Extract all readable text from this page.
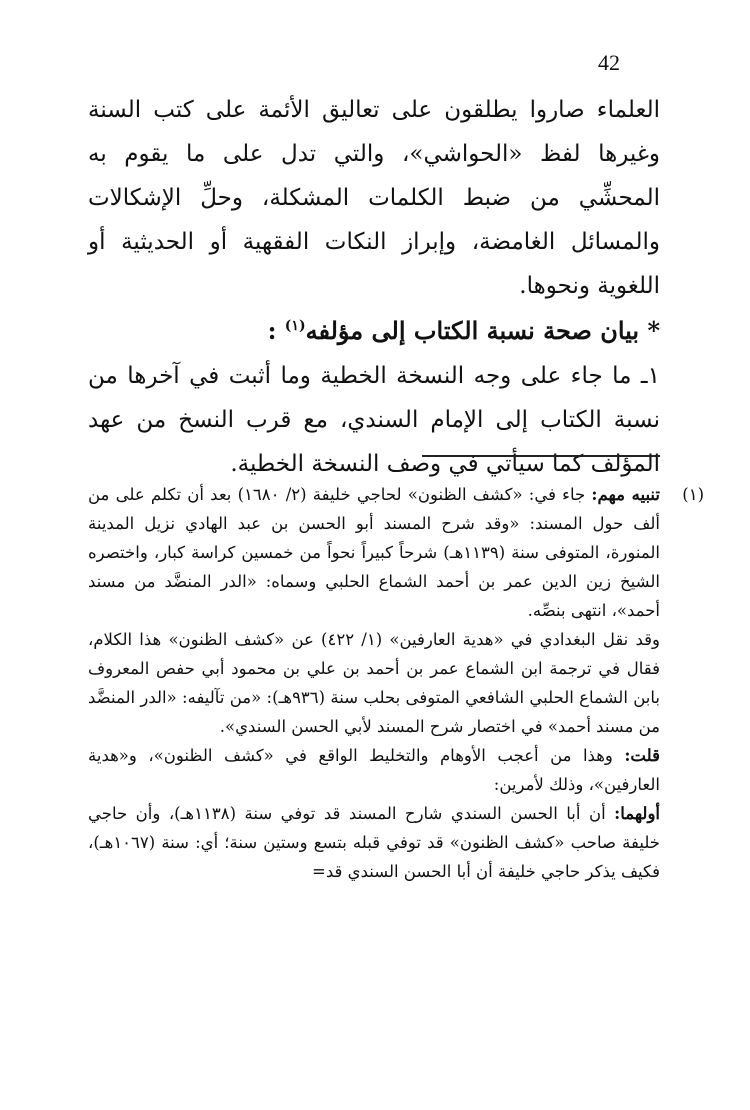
42

العلماء صاروا يطلقون على تعاليق الأئمة على كتب السنة وغيرها لفظ «الحواشي»، والتي تدل على ما يقوم به المحشِّي من ضبط الكلمات المشكلة، وحلِّ الإشكالات والمسائل الغامضة، وإبراز النكات الفقهية أو الحديثية أو اللغوية ونحوها.

* بيان صحة نسبة الكتاب إلى مؤلفه$^{(١)}$ :

١ـ ما جاء على وجه النسخة الخطية وما أثبت في آخرها من نسبة الكتاب إلى الإمام السندي، مع قرب النسخ من عهد المؤلف كما سيأتي في وصف النسخة الخطية.

(١)

تنبيه مهم: جاء في: «كشف الظنون» لحاجي خليفة (٢/ ١٦٨٠) بعد أن تكلم على من ألف حول المسند: «وقد شرح المسند أبو الحسن بن عبد الهادي نزيل المدينة المنورة، المتوفى سنة (١١٣٩هـ) شرحاً كبيراً نحواً من خمسين كراسة كبار، واختصره الشيخ زين الدين عمر بن أحمد الشماع الحلبي وسماه: «الدر المنضَّد من مسند أحمد»، انتهى بنصِّه.

وقد نقل البغدادي في «هدية العارفين» (١/ ٤٢٢) عن «كشف الظنون» هذا الكلام، فقال في ترجمة ابن الشماع عمر بن أحمد بن علي بن محمود أبي حفص المعروف بابن الشماع الحلبي الشافعي المتوفى بحلب سنة (٩٣٦هـ): «من تآليفه: «الدر المنضَّد من مسند أحمد» في اختصار شرح المسند لأبي الحسن السندي».

قلت: وهذا من أعجب الأوهام والتخليط الواقع في «كشف الظنون»، و«هدية العارفين»، وذلك لأمرين:

أولهما: أن أبا الحسن السندي شارح المسند قد توفي سنة (١١٣٨هـ)، وأن حاجي خليفة صاحب «كشف الظنون» قد توفي قبله بتسع وستين سنة؛ أي: سنة (١٠٦٧هـ)، فكيف يذكر حاجي خليفة أن أبا الحسن السندي قد=
